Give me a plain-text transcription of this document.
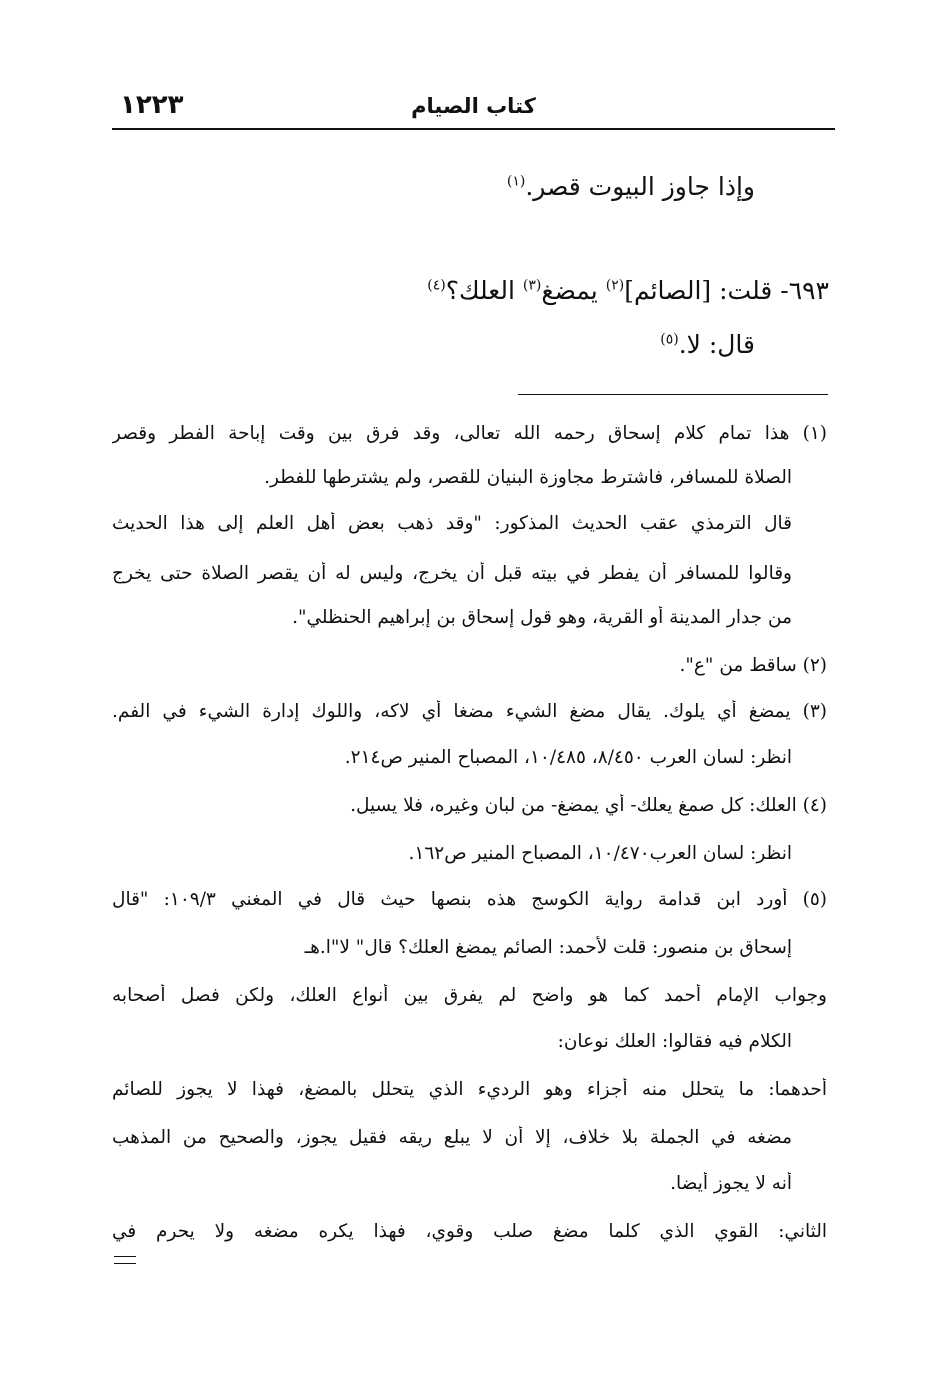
١٢٢٣	كتاب الصيام
وإذا جاوز البيوت قصر.$^{(١)}$
٦٩٣- قلت: [الصائم]$^{(٢)}$ يمضغ$^{(٣)}$ العلك؟$^{(٤)}$
قال: لا.$^{(٥)}$
(١) هذا تمام كلام إسحاق رحمه الله تعالى، وقد فرق بين وقت إباحة الفطر وقصر
الصلاة للمسافر، فاشترط مجاوزة البنيان للقصر، ولم يشترطها للفطر.
قال الترمذي عقب الحديث المذكور: "وقد ذهب بعض أهل العلم إلى هذا الحديث
وقالوا للمسافر أن يفطر في بيته قبل أن يخرج، وليس له أن يقصر الصلاة حتى يخرج
من جدار المدينة أو القرية، وهو قول إسحاق بن إبراهيم الحنظلي".
(٢) ساقط من "ع".
(٣) يمضغ أي يلوك. يقال مضغ الشيء مضغا أي لاكه، واللوك إدارة الشيء في الفم.
انظر: لسان العرب ٨/٤٥٠، ١٠/٤٨٥، المصباح المنير ص٢١٤.
(٤) العلك: كل صمغ يعلك- أي يمضغ- من لبان وغيره، فلا يسيل.
انظر: لسان العرب١٠/٤٧٠، المصباح المنير ص١٦٢.
(٥) أورد ابن قدامة رواية الكوسج هذه بنصها حيث قال في المغني ١٠٩/٣: "قال
إسحاق بن منصور: قلت لأحمد: الصائم يمضغ العلك؟ قال" لا"ا.هـ
وجواب الإمام أحمد كما هو واضح لم يفرق بين أنواع العلك، ولكن فصل أصحابه
الكلام فيه فقالوا: العلك نوعان:
أحدهما: ما يتحلل منه أجزاء وهو الرديء الذي يتحلل بالمضغ، فهذا لا يجوز للصائم
مضغه في الجملة بلا خلاف، إلا أن لا يبلع ريقه فقيل يجوز، والصحيح من المذهب
أنه لا يجوز أيضا.
الثاني: القوي الذي كلما مضغ صلب وقوي، فهذا يكره مضغه ولا يحرم في
